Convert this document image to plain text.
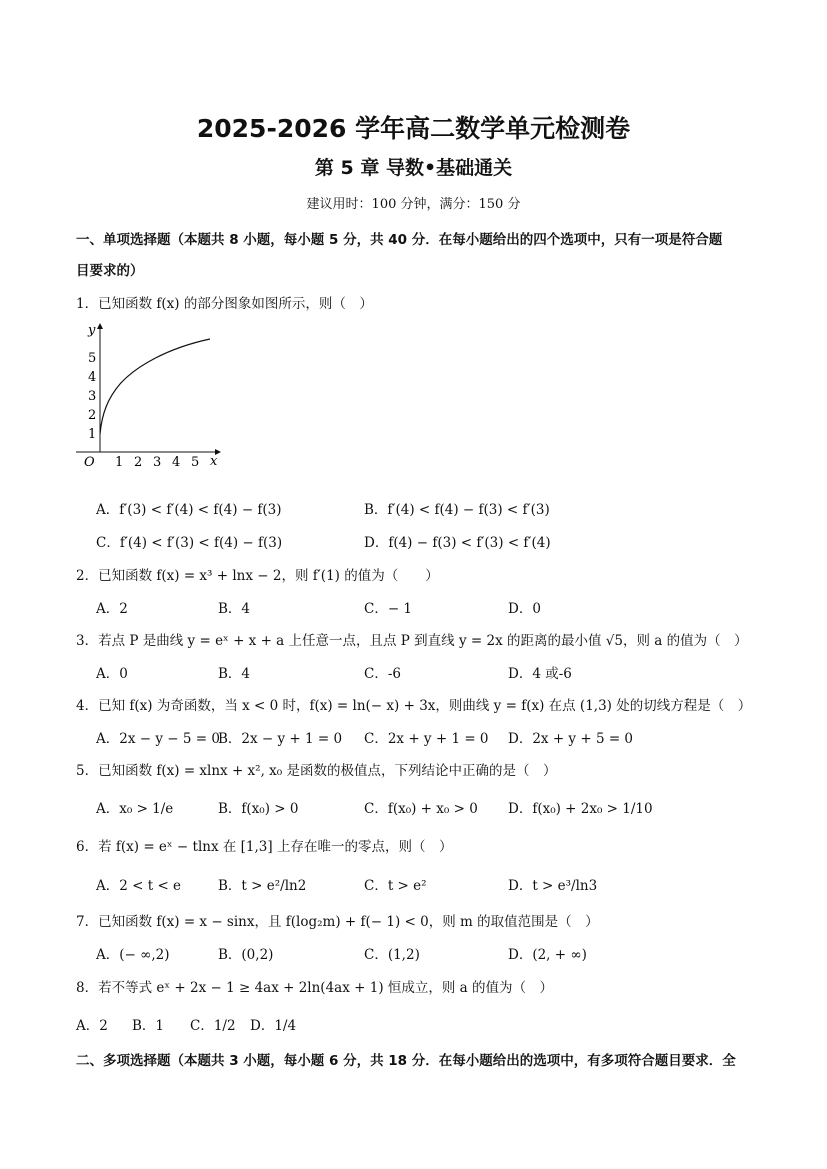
2025-2026 学年高二数学单元检测卷
第 5 章 导数•基础通关
建议用时：100 分钟，满分：150 分
一、单项选择题（本题共 8 小题，每小题 5 分，共 40 分．在每小题给出的四个选项中，只有一项是符合题
目要求的）
1．已知函数 f(x) 的部分图象如图所示，则（　）
y
x
O
1
2
3
4
5
1 2 3 4 5
A．f′(3) < f′(4) < f(4) − f(3)	B．f′(4) < f(4) − f(3) < f′(3)
C．f′(4) < f′(3) < f(4) − f(3)	D．f(4) − f(3) < f′(3) < f′(4)
2．已知函数 f(x) = x³ + lnx − 2，则 f′(1) 的值为（　　）
A．2	B．4	C．− 1	D．0
3．若点 P 是曲线 y = eˣ + x + a 上任意一点，且点 P 到直线 y = 2x 的距离的最小值 √5，则 a 的值为（　）
A．0	B．4	C．-6	D．4 或-6
4．已知 f(x) 为奇函数，当 x < 0 时，f(x) = ln(− x) + 3x，则曲线 y = f(x) 在点 (1,3) 处的切线方程是（　）
A．2x − y − 5 = 0
B．2x − y + 1 = 0 C．2x + y + 1 = 0 D．2x + y + 5 = 0
5．已知函数 f(x) = xlnx + x², x₀ 是函数的极值点，下列结论中正确的是（　）
A．x₀ > 1/e	B．f(x₀) > 0	C．f(x₀) + x₀ > 0 D．f(x₀) + 2x₀ > 1/10
6．若 f(x) = eˣ − tlnx 在 [1,3] 上存在唯一的零点，则（　）
A．2 < t < e	B．t > e²/ln2	C．t > e²	D．t > e³/ln3
7．已知函数 f(x) = x − sinx，且 f(log₂m) + f(− 1) < 0，则 m 的取值范围是（　）
A．(− ∞,2)	B．(0,2)	C．(1,2)	D．(2, + ∞)
8．若不等式 eˣ + 2x − 1 ≥ 4ax + 2ln(4ax + 1) 恒成立，则 a 的值为（　）
A．2 B．1 C．1/2 D．1/4
二、多项选择题（本题共 3 小题，每小题 6 分，共 18 分．在每小题给出的选项中，有多项符合题目要求．全
